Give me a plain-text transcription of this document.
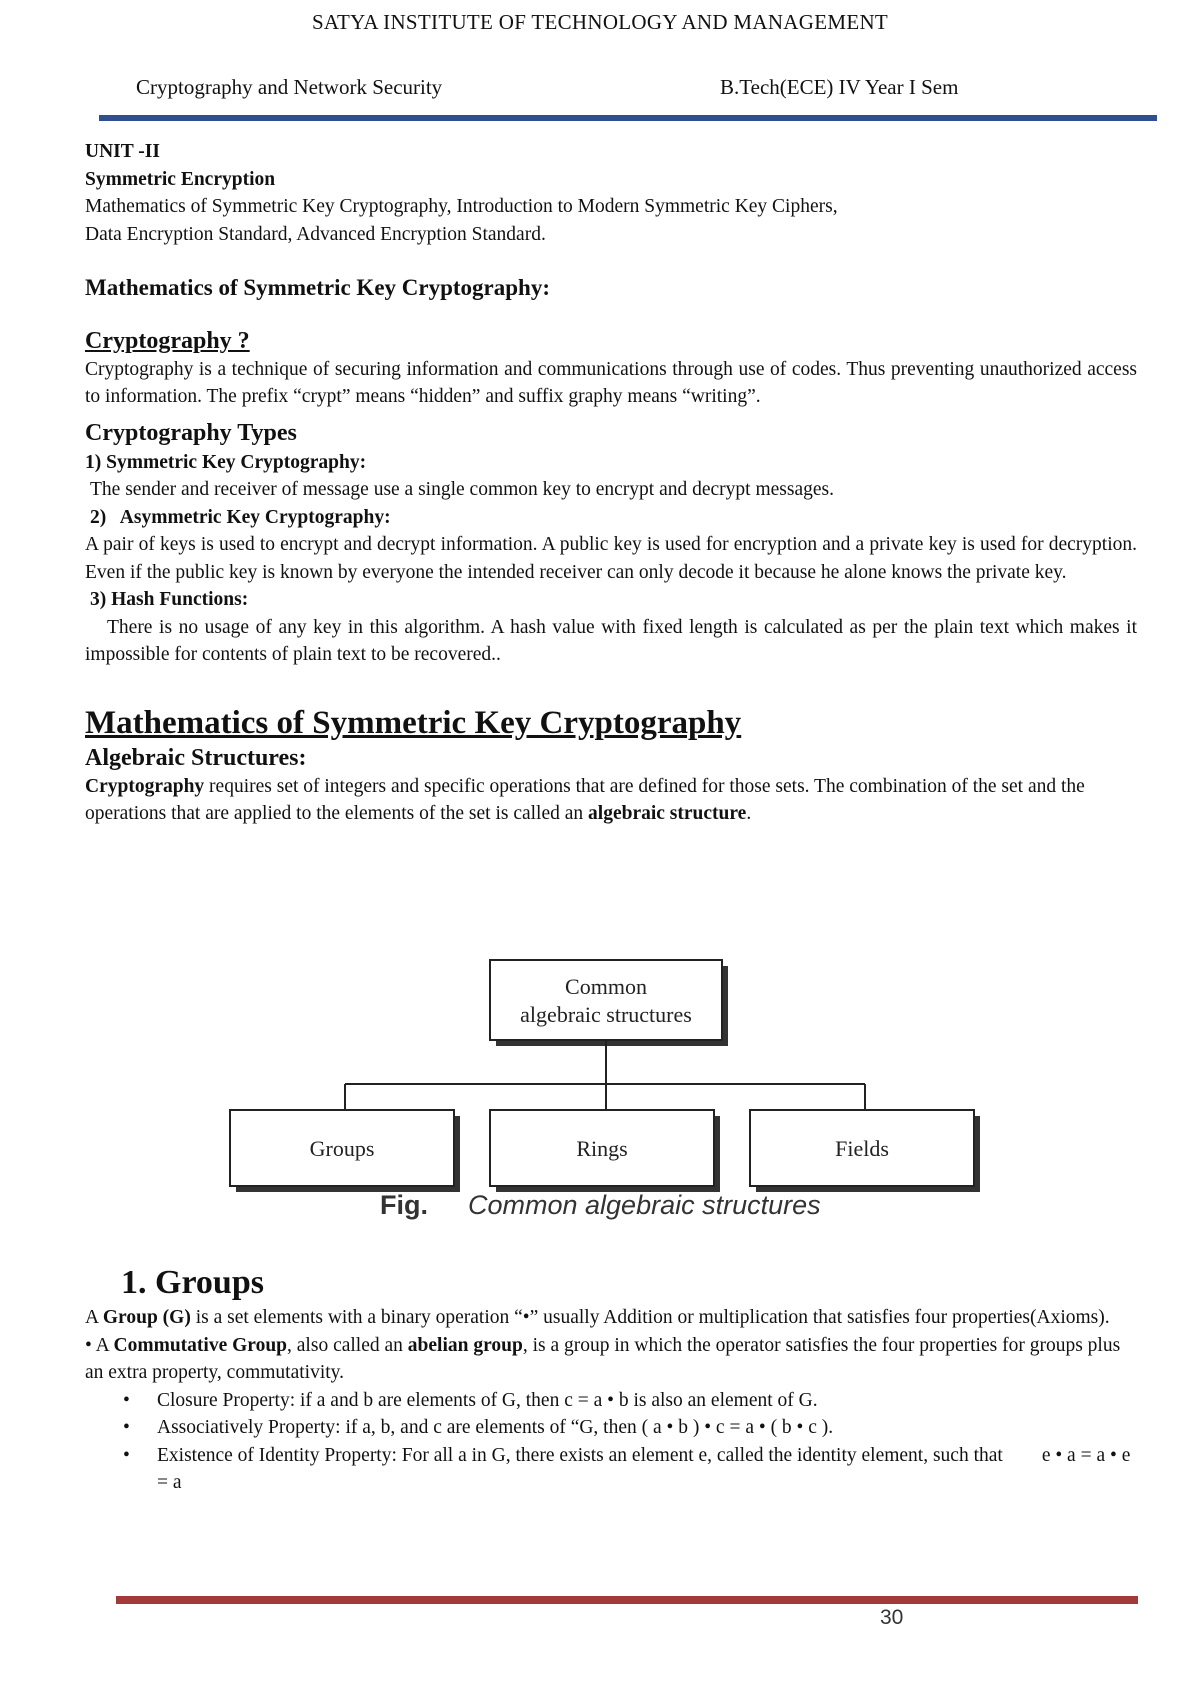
SATYA INSTITUTE OF TECHNOLOGY AND MANAGEMENT
Cryptography and Network Security	B.Tech(ECE) IV Year I Sem

UNIT -II

Symmetric Encryption

Mathematics of Symmetric Key Cryptography, Introduction to Modern Symmetric Key Ciphers,

Data Encryption Standard, Advanced Encryption Standard.

Mathematics of Symmetric Key Cryptography:

Cryptography ?

Cryptography is a technique of securing information and communications through use of codes. Thus preventing unauthorized access to information. The prefix “crypt” means “hidden” and suffix graphy means “writing”.

Cryptography Types

1) Symmetric Key Cryptography:

The sender and receiver of message use a single common key to encrypt and decrypt messages.

2)   Asymmetric Key Cryptography:

A pair of keys is used to encrypt and decrypt information. A public key is used for encryption and a private key is used for decryption. Even if the public key is known by everyone the intended receiver can only decode it because he alone knows the private key.

3) Hash Functions:

There is no usage of any key in this algorithm. A hash value with fixed length is calculated as per the plain text which makes it impossible for contents of plain text to be recovered..

Mathematics of Symmetric Key Cryptography

Algebraic Structures:

Cryptography requires set of integers and specific operations that are defined for those sets. The combination of the set and the operations that are applied to the elements of the set is called an algebraic structure.

Common
algebraic structures
Groups	Rings	Fields
Fig. Common algebraic structures

1. Groups

A Group (G) is a set elements with a binary operation “•” usually Addition or multiplication that satisfies four properties(Axioms).

• A Commutative Group, also called an abelian group, is a group in which the operator satisfies the four properties for groups plus an extra property, commutativity.

• Closure Property: if a and b are elements of G, then c = a • b is also an element of G.
• Associatively Property: if a, b, and c are elements of “G, then ( a • b ) • c = a • ( b • c ).
• Existence of Identity Property: For all a in G, there exists an element e, called the identity element, such that        e • a = a • e = a
30
